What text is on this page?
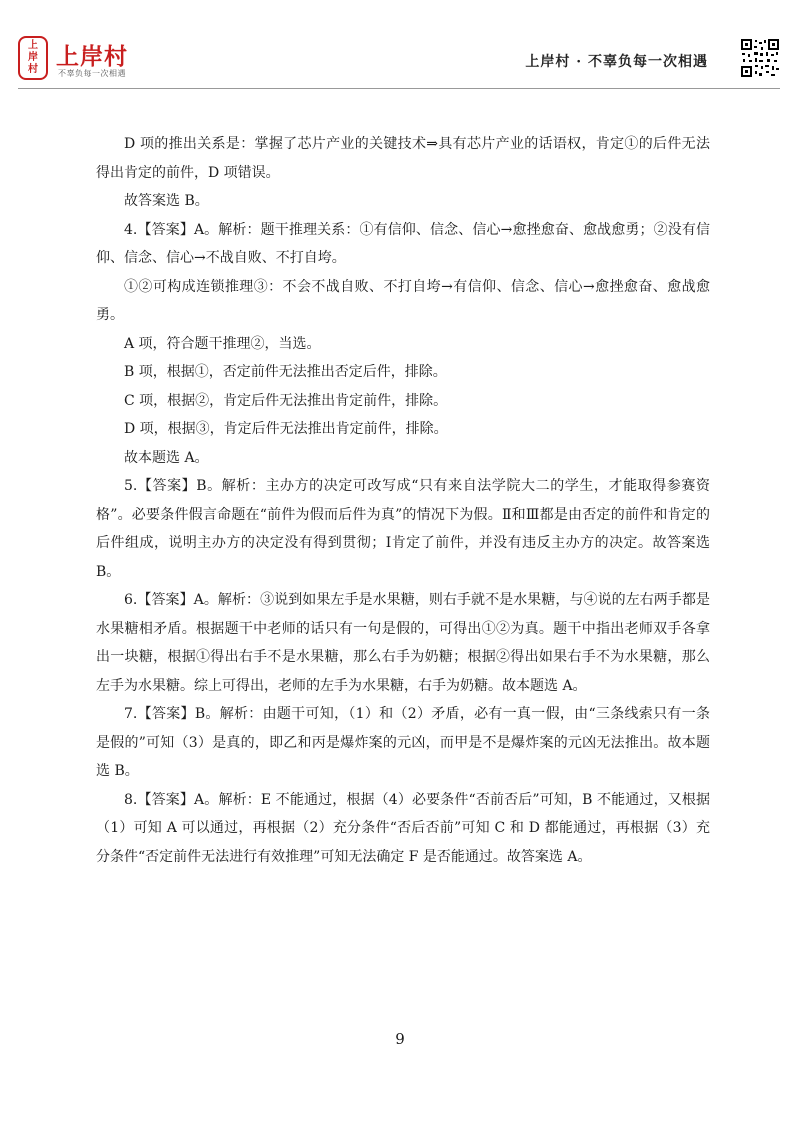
上
岸
村 上岸村
不辜负每一次相遇
上岸村 · 不辜负每一次相遇

D 项的推出关系是：掌握了芯片产业的关键技术⇒具有芯片产业的话语权，肯定①的后件无法得出肯定的前件，D 项错误。

故答案选 B。

4.【答案】A。解析：题干推理关系：①有信仰、信念、信心→愈挫愈奋、愈战愈勇；②没有信仰、信念、信心→不战自败、不打自垮。

①②可构成连锁推理③：不会不战自败、不打自垮→有信仰、信念、信心→愈挫愈奋、愈战愈勇。

A 项，符合题干推理②，当选。

B 项，根据①，否定前件无法推出否定后件，排除。

C 项，根据②，肯定后件无法推出肯定前件，排除。

D 项，根据③，肯定后件无法推出肯定前件，排除。

故本题选 A。

5.【答案】B。解析：主办方的决定可改写成“只有来自法学院大二的学生，才能取得参赛资格”。必要条件假言命题在“前件为假而后件为真”的情况下为假。Ⅱ和Ⅲ都是由否定的前件和肯定的后件组成，说明主办方的决定没有得到贯彻；Ⅰ肯定了前件，并没有违反主办方的决定。故答案选 B。

6.【答案】A。解析：③说到如果左手是水果糖，则右手就不是水果糖，与④说的左右两手都是水果糖相矛盾。根据题干中老师的话只有一句是假的，可得出①②为真。题干中指出老师双手各拿出一块糖，根据①得出右手不是水果糖，那么右手为奶糖；根据②得出如果右手不为水果糖，那么左手为水果糖。综上可得出，老师的左手为水果糖，右手为奶糖。故本题选 A。

7.【答案】B。解析：由题干可知，（1）和（2）矛盾，必有一真一假，由“三条线索只有一条是假的”可知（3）是真的，即乙和丙是爆炸案的元凶，而甲是不是爆炸案的元凶无法推出。故本题选 B。

8.【答案】A。解析：E 不能通过，根据（4）必要条件“否前否后”可知，B 不能通过，又根据（1）可知 A 可以通过，再根据（2）充分条件“否后否前”可知 C 和 D 都能通过，再根据（3）充分条件“否定前件无法进行有效推理”可知无法确定 F 是否能通过。故答案选 A。

9
